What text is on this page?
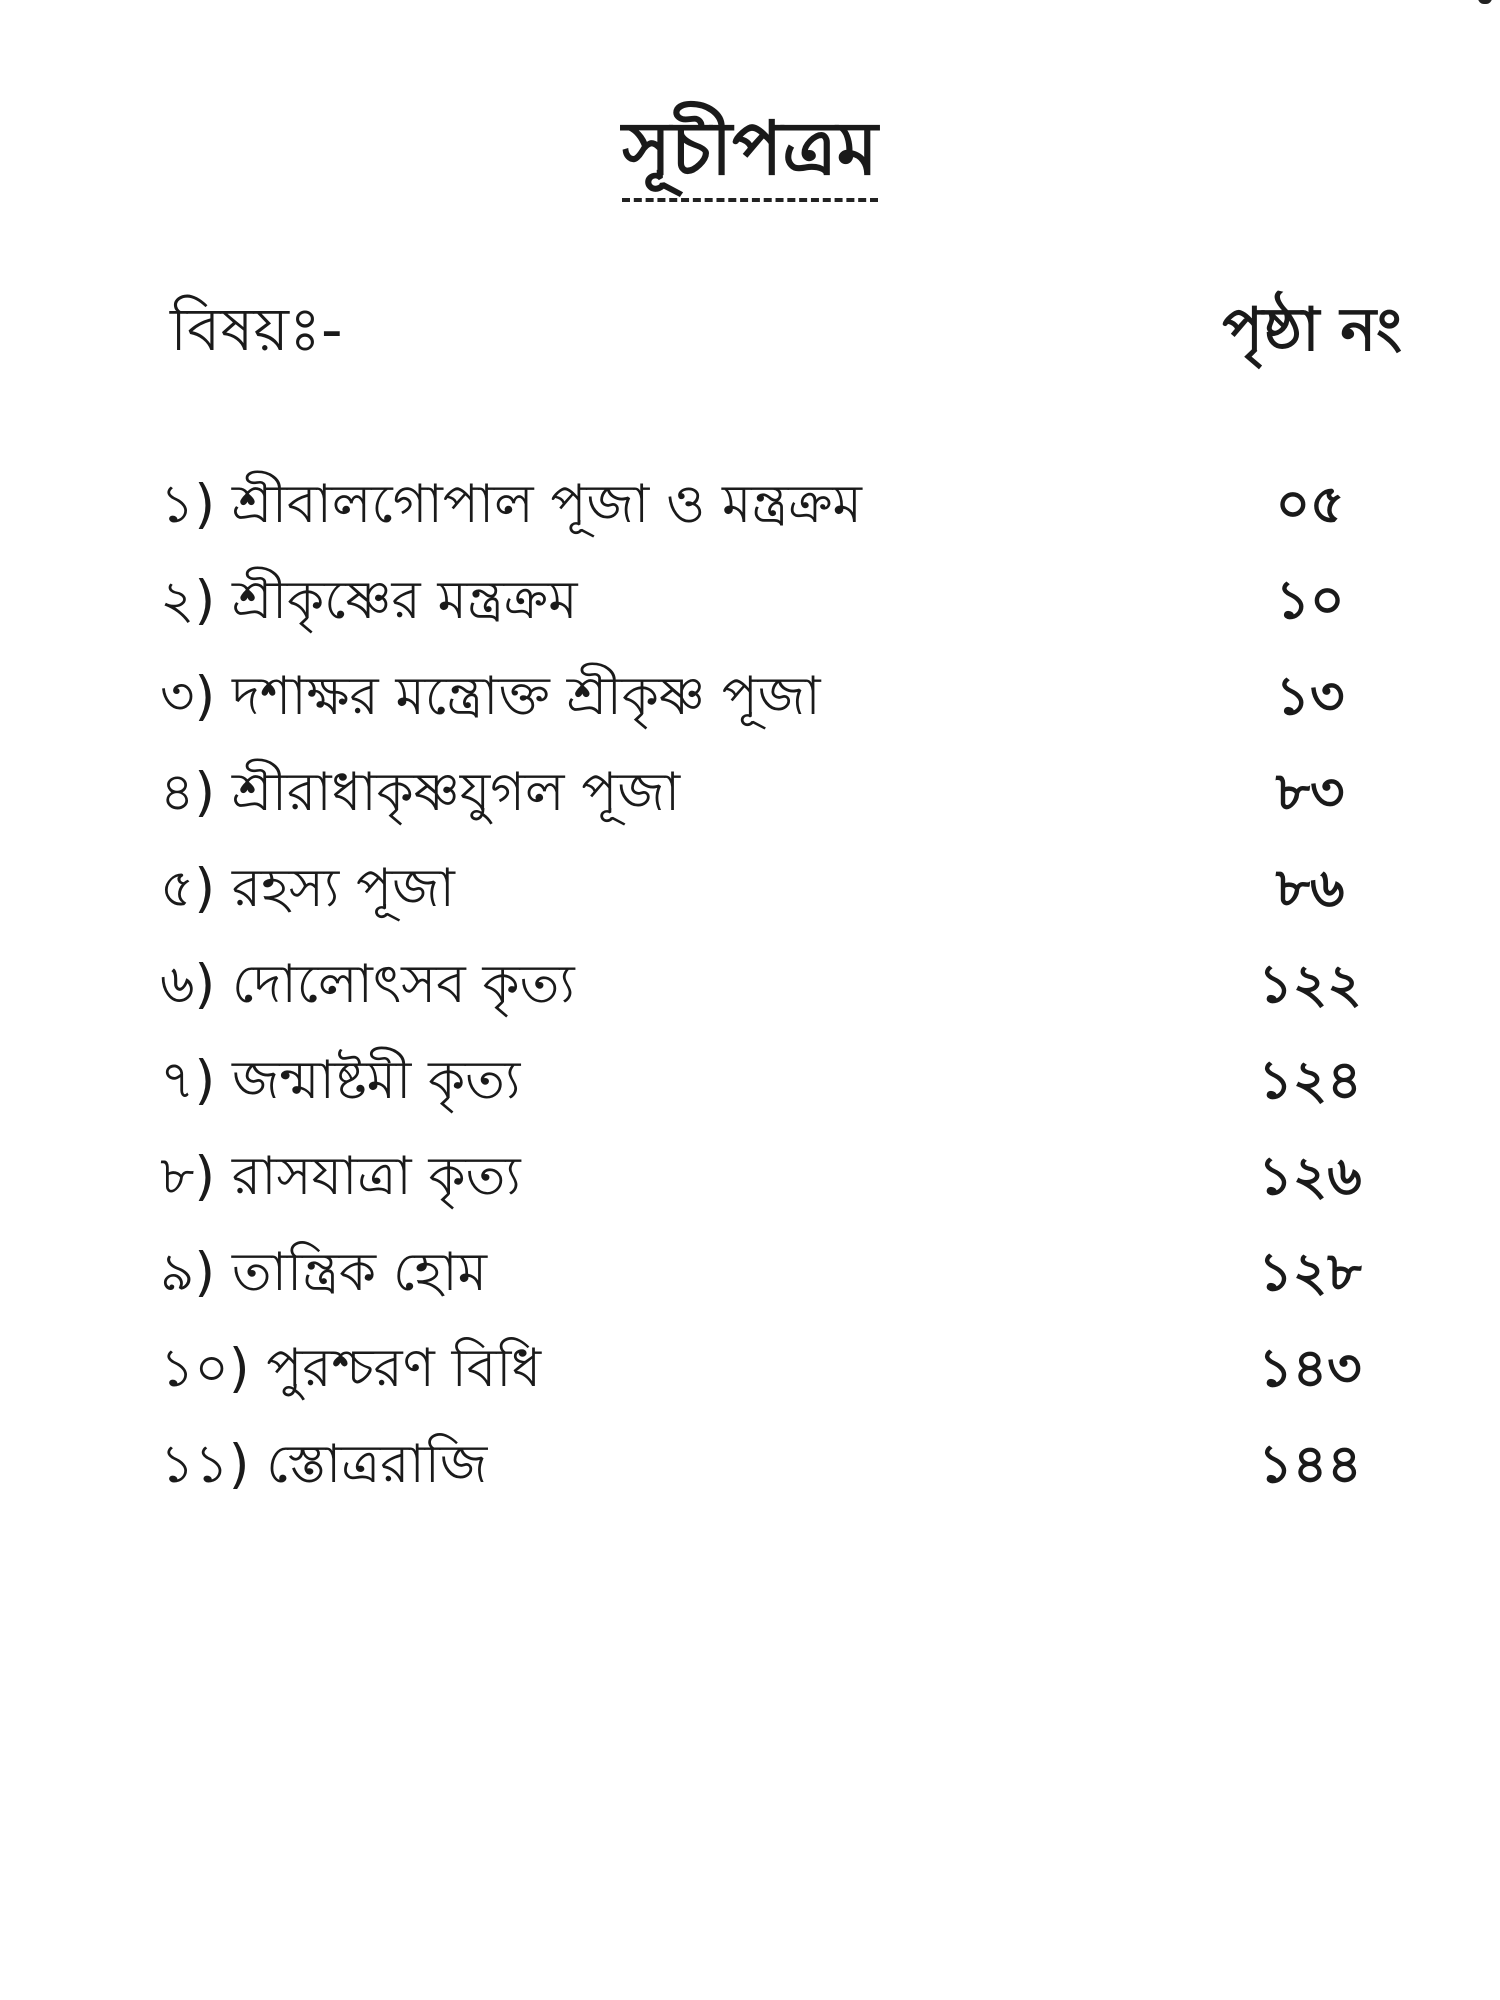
সূচীপত্রম
বিষয়ঃ-	পৃষ্ঠা নং
১) শ্রীবালগোপাল পূজা ও মন্ত্রক্রম	০৫
২) শ্রীকৃষ্ণের মন্ত্রক্রম	১০
৩) দশাক্ষর মন্ত্রোক্ত শ্রীকৃষ্ণ পূজা	১৩
৪) শ্রীরাধাকৃষ্ণযুগল পূজা	৮৩
৫) রহস্য পূজা	৮৬
৬) দোলোৎসব কৃত্য	১২২
৭) জন্মাষ্টমী কৃত্য	১২৪
৮) রাসযাত্রা কৃত্য	১২৬
৯) তান্ত্রিক হোম	১২৮
১০) পুরশ্চরণ বিধি	১৪৩
১১) স্তোত্ররাজি	১৪৪
